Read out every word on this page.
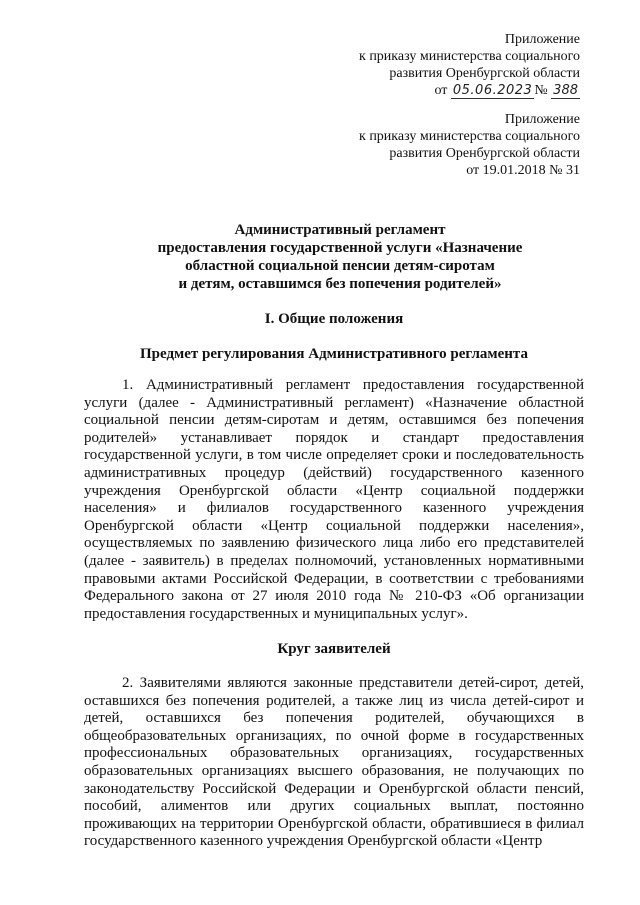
Приложение
к приказу министерства социального
развития Оренбургской области
от 05.06.2023 № 388
Приложение
к приказу министерства социального
развития Оренбургской области
от 19.01.2018 № 31
Административный регламент
предоставления государственной услуги «Назначение
областной социальной пенсии детям-сиротам
и детям, оставшимся без попечения родителей»
I. Общие положения
Предмет регулирования Административного регламента
1. Административный регламент предоставления государственной услуги (далее - Административный регламент) «Назначение областной социальной пенсии детям-сиротам и детям, оставшимся без попечения родителей» устанавливает порядок и стандарт предоставления государственной услуги, в том числе определяет сроки и последовательность административных процедур (действий) государственного казенного учреждения Оренбургской области «Центр социальной поддержки населения» и филиалов государственного казенного учреждения Оренбургской области «Центр социальной поддержки населения», осуществляемых по заявлению физического лица либо его представителей (далее - заявитель) в пределах полномочий, установленных нормативными правовыми актами Российской Федерации, в соответствии с требованиями Федерального закона от 27 июля 2010 года № 210-ФЗ «Об организации предоставления государственных и муниципальных услуг».
Круг заявителей
2. Заявителями являются законные представители детей-сирот, детей, оставшихся без попечения родителей, а также лиц из числа детей-сирот и детей, оставшихся без попечения родителей, обучающихся в общеобразовательных организациях, по очной форме в государственных профессиональных образовательных организациях, государственных образовательных организациях высшего образования, не получающих по законодательству Российской Федерации и Оренбургской области пенсий, пособий, алиментов или других социальных выплат, постоянно проживающих на территории Оренбургской области, обратившиеся в филиал государственного казенного учреждения Оренбургской области «Центр
